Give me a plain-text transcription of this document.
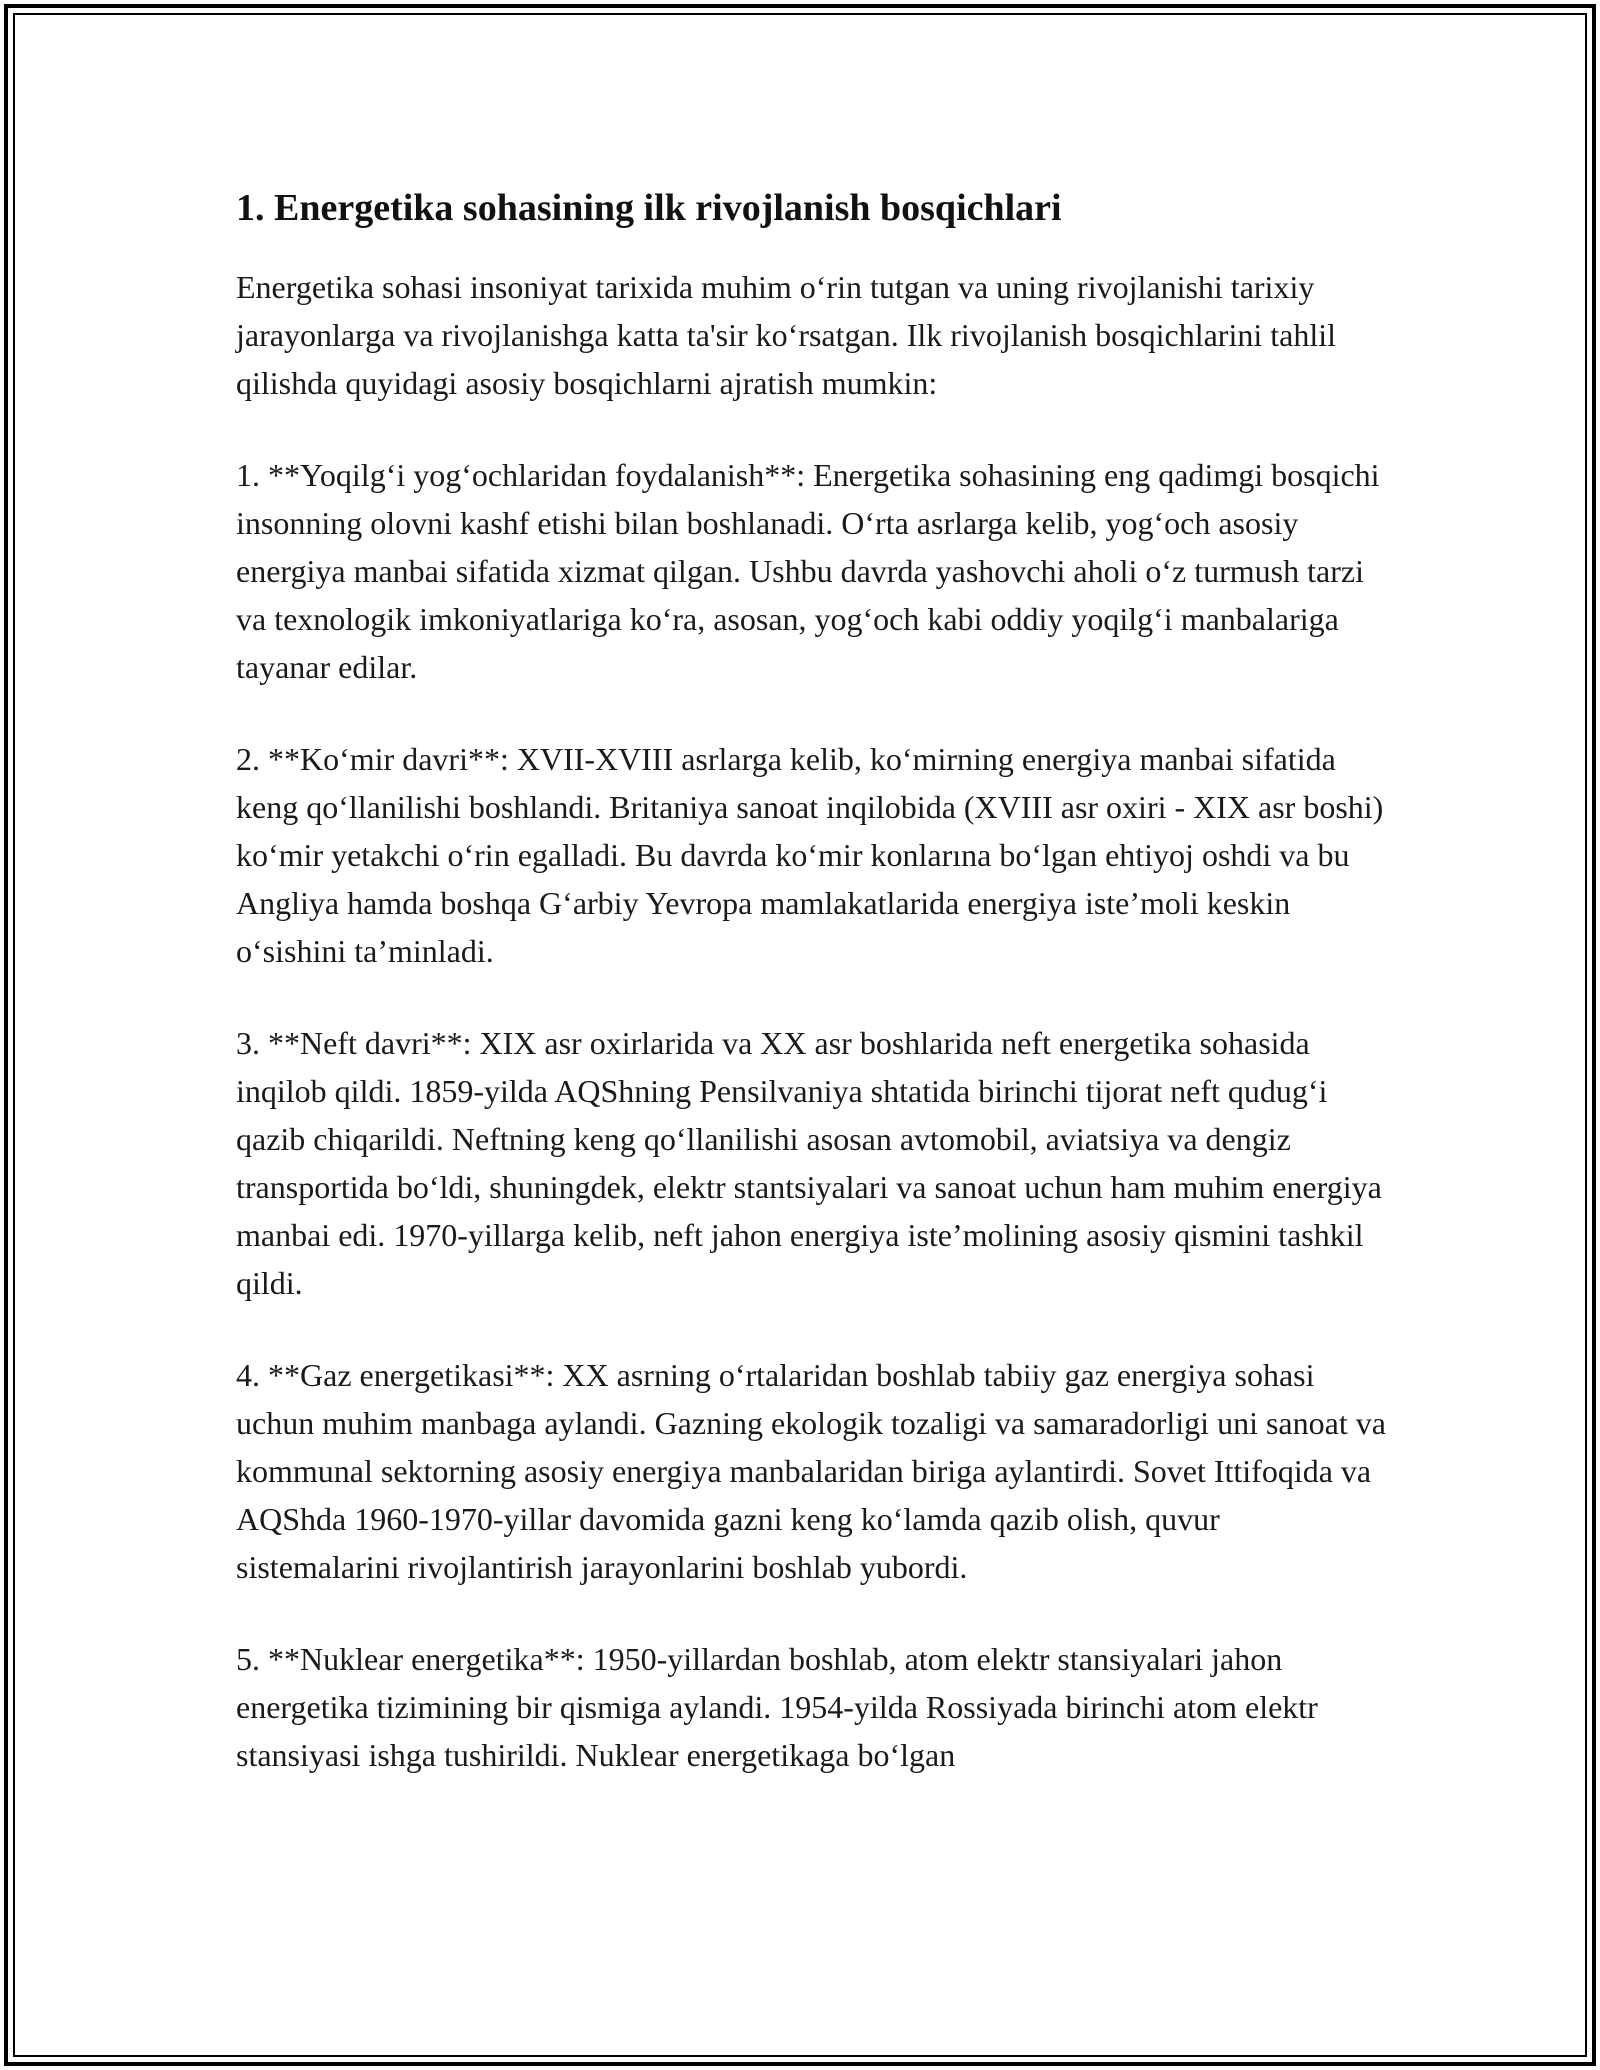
1. Energetika sohasining ilk rivojlanish bosqichlari

Energetika sohasi insoniyat tarixida muhim o‘rin tutgan va uning rivojlanishi tarixiy jarayonlarga va rivojlanishga katta ta'sir ko‘rsatgan. Ilk rivojlanish bosqichlarini tahlil qilishda quyidagi asosiy bosqichlarni ajratish mumkin:

1. **Yoqilg‘i yog‘ochlaridan foydalanish**: Energetika sohasining eng qadimgi bosqichi insonning olovni kashf etishi bilan boshlanadi. O‘rta asrlarga kelib, yog‘och asosiy energiya manbai sifatida xizmat qilgan. Ushbu davrda yashovchi aholi o‘z turmush tarzi va texnologik imkoniyatlariga ko‘ra, asosan, yog‘och kabi oddiy yoqilg‘i manbalariga tayanar edilar.

2. **Ko‘mir davri**: XVII-XVIII asrlarga kelib, ko‘mirning energiya manbai sifatida keng qo‘llanilishi boshlandi. Britaniya sanoat inqilobida (XVIII asr oxiri - XIX asr boshi) ko‘mir yetakchi o‘rin egalladi. Bu davrda ko‘mir konlarına bo‘lgan ehtiyoj oshdi va bu Angliya hamda boshqa G‘arbiy Yevropa mamlakatlarida energiya iste’moli keskin o‘sishini ta’minladi.

3. **Neft davri**: XIX asr oxirlarida va XX asr boshlarida neft energetika sohasida inqilob qildi. 1859-yilda AQShning Pensilvaniya shtatida birinchi tijorat neft qudug‘i qazib chiqarildi. Neftning keng qo‘llanilishi asosan avtomobil, aviatsiya va dengiz transportida bo‘ldi, shuningdek, elektr stantsiyalari va sanoat uchun ham muhim energiya manbai edi. 1970-yillarga kelib, neft jahon energiya iste’molining asosiy qismini tashkil qildi.

4. **Gaz energetikasi**: XX asrning o‘rtalaridan boshlab tabiiy gaz energiya sohasi uchun muhim manbaga aylandi. Gazning ekologik tozaligi va samaradorligi uni sanoat va kommunal sektorning asosiy energiya manbalaridan biriga aylantirdi. Sovet Ittifoqida va AQShda 1960-1970-yillar davomida gazni keng ko‘lamda qazib olish, quvur sistemalarini rivojlantirish jarayonlarini boshlab yubordi.

5. **Nuklear energetika**: 1950-yillardan boshlab, atom elektr stansiyalari jahon energetika tizimining bir qismiga aylandi. 1954-yilda Rossiyada birinchi atom elektr stansiyasi ishga tushirildi. Nuklear energetikaga bo‘lgan
